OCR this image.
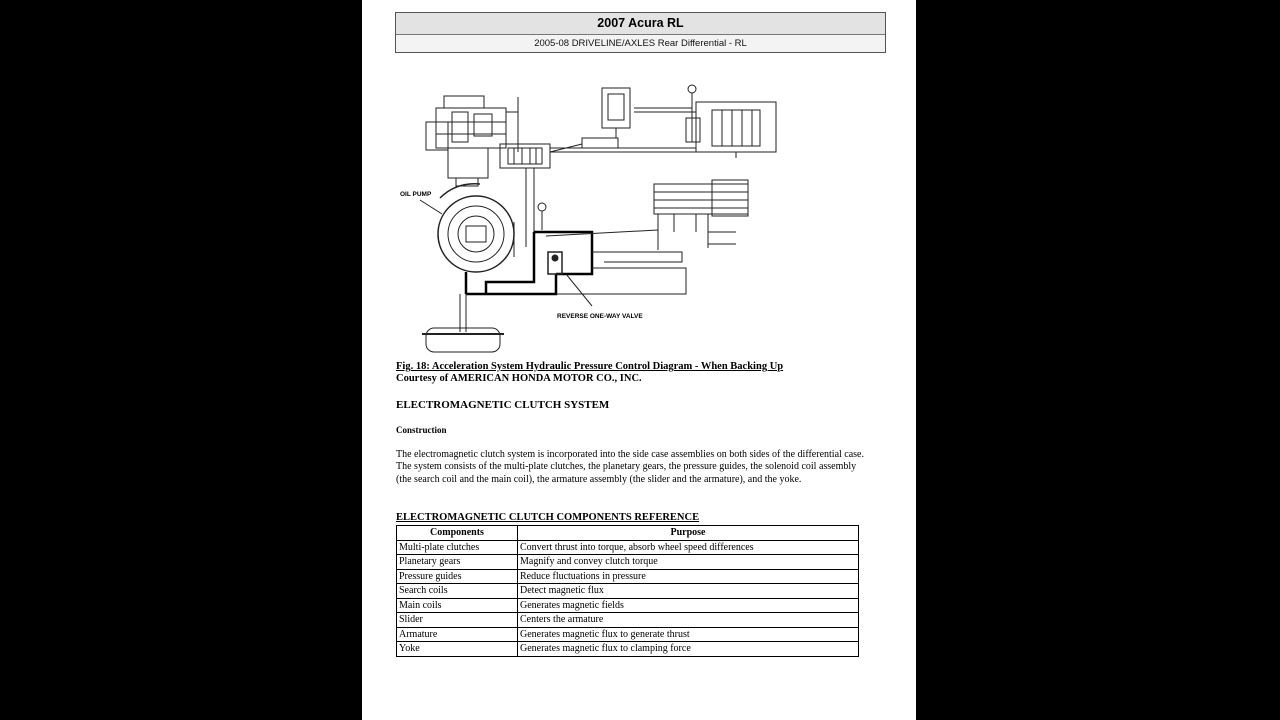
2007 Acura RL
2005-08 DRIVELINE/AXLES Rear Differential - RL
OIL PUMP
REVERSE ONE-WAY VALVE
Fig. 18: Acceleration System Hydraulic Pressure Control Diagram - When Backing Up
Courtesy of AMERICAN HONDA MOTOR CO., INC.
ELECTROMAGNETIC CLUTCH SYSTEM
Construction
The electromagnetic clutch system is incorporated into the side case assemblies on both sides of the differential case. The system consists of the multi-plate clutches, the planetary gears, the pressure guides, the solenoid coil assembly (the search coil and the main coil), the armature assembly (the slider and the armature), and the yoke.
ELECTROMAGNETIC CLUTCH COMPONENTS REFERENCE
Components	Purpose
Multi-plate clutches	Convert thrust into torque, absorb wheel speed differences
Planetary gears	Magnify and convey clutch torque
Pressure guides	Reduce fluctuations in pressure
Search coils	Detect magnetic flux
Main coils	Generates magnetic fields
Slider	Centers the armature
Armature	Generates magnetic flux to generate thrust
Yoke	Generates magnetic flux to clamping force
